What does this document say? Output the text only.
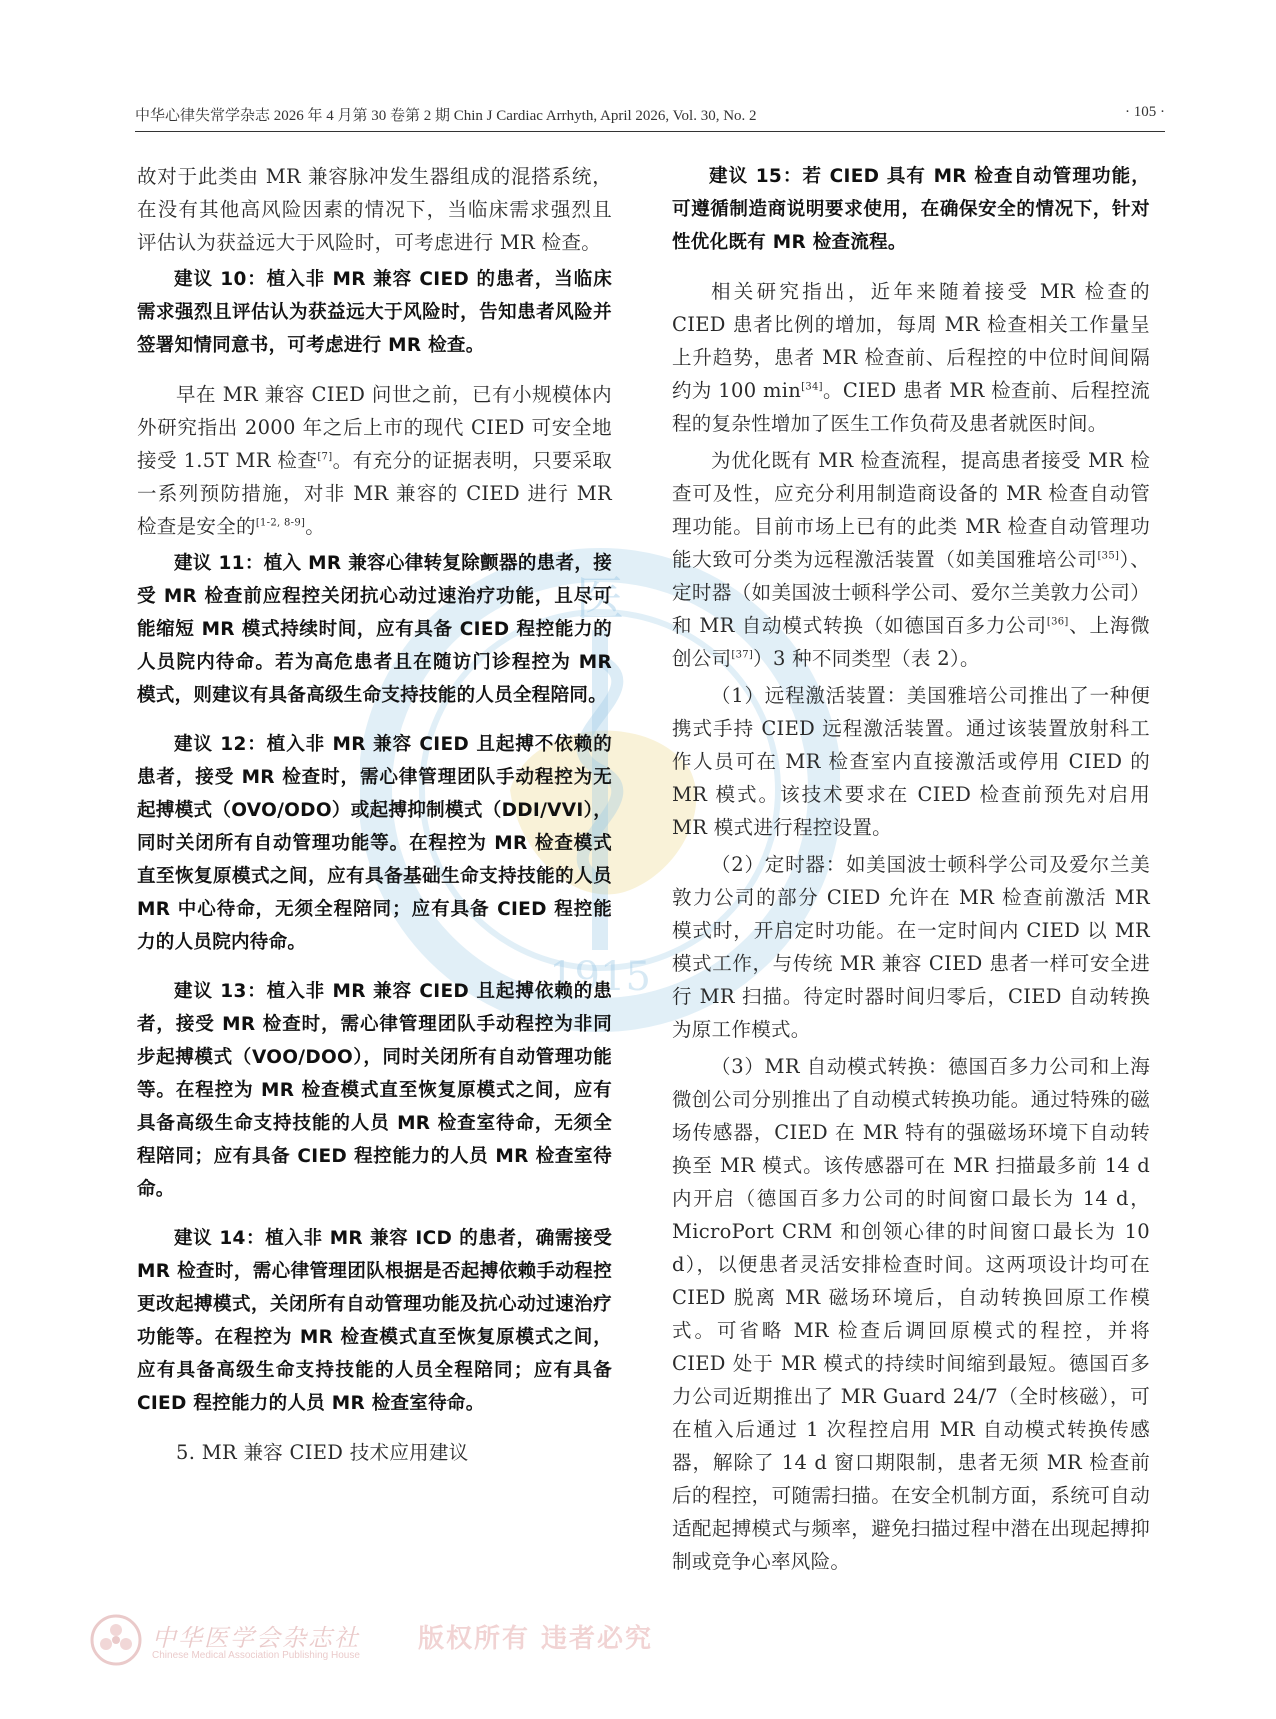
中华心律失常学杂志 2026 年 4 月第 30 卷第 2 期 Chin J Cardiac Arrhyth, April 2026, Vol. 30, No. 2	· 105 ·
医
1915

故对于此类由 MR 兼容脉冲发生器组成的混搭系统，在没有其他高风险因素的情况下，当临床需求强烈且评估认为获益远大于风险时，可考虑进行 MR 检查。

建议 10：植入非 MR 兼容 CIED 的患者，当临床需求强烈且评估认为获益远大于风险时，告知患者风险并签署知情同意书，可考虑进行 MR 检查。

早在 MR 兼容 CIED 问世之前，已有小规模体内外研究指出 2000 年之后上市的现代 CIED 可安全地接受 1.5T MR 检查[7]。有充分的证据表明，只要采取一系列预防措施，对非 MR 兼容的 CIED 进行 MR 检查是安全的[1-2, 8-9]。

建议 11：植入 MR 兼容心律转复除颤器的患者，接受 MR 检查前应程控关闭抗心动过速治疗功能，且尽可能缩短 MR 模式持续时间，应有具备 CIED 程控能力的人员院内待命。若为高危患者且在随访门诊程控为 MR 模式，则建议有具备高级生命支持技能的人员全程陪同。

建议 12：植入非 MR 兼容 CIED 且起搏不依赖的患者，接受 MR 检查时，需心律管理团队手动程控为无起搏模式（OVO/ODO）或起搏抑制模式（DDI/VVI），同时关闭所有自动管理功能等。在程控为 MR 检查模式直至恢复原模式之间，应有具备基础生命支持技能的人员 MR 中心待命，无须全程陪同；应有具备 CIED 程控能力的人员院内待命。

建议 13：植入非 MR 兼容 CIED 且起搏依赖的患者，接受 MR 检查时，需心律管理团队手动程控为非同步起搏模式（VOO/DOO），同时关闭所有自动管理功能等。在程控为 MR 检查模式直至恢复原模式之间，应有具备高级生命支持技能的人员 MR 检查室待命，无须全程陪同；应有具备 CIED 程控能力的人员 MR 检查室待命。

建议 14：植入非 MR 兼容 ICD 的患者，确需接受 MR 检查时，需心律管理团队根据是否起搏依赖手动程控更改起搏模式，关闭所有自动管理功能及抗心动过速治疗功能等。在程控为 MR 检查模式直至恢复原模式之间，应有具备高级生命支持技能的人员全程陪同；应有具备 CIED 程控能力的人员 MR 检查室待命。

5. MR 兼容 CIED 技术应用建议

建议 15：若 CIED 具有 MR 检查自动管理功能，可遵循制造商说明要求使用，在确保安全的情况下，针对性优化既有 MR 检查流程。

相关研究指出，近年来随着接受 MR 检查的 CIED 患者比例的增加，每周 MR 检查相关工作量呈上升趋势，患者 MR 检查前、后程控的中位时间间隔约为 100 min[34]。CIED 患者 MR 检查前、后程控流程的复杂性增加了医生工作负荷及患者就医时间。

为优化既有 MR 检查流程，提高患者接受 MR 检查可及性，应充分利用制造商设备的 MR 检查自动管理功能。目前市场上已有的此类 MR 检查自动管理功能大致可分类为远程激活装置（如美国雅培公司[35]）、定时器（如美国波士顿科学公司、爱尔兰美敦力公司）和 MR 自动模式转换（如德国百多力公司[36]、上海微创公司[37]）3 种不同类型（表 2）。

（1）远程激活装置：美国雅培公司推出了一种便携式手持 CIED 远程激活装置。通过该装置放射科工作人员可在 MR 检查室内直接激活或停用 CIED 的 MR 模式。该技术要求在 CIED 检查前预先对启用 MR 模式进行程控设置。

（2）定时器：如美国波士顿科学公司及爱尔兰美敦力公司的部分 CIED 允许在 MR 检查前激活 MR 模式时，开启定时功能。在一定时间内 CIED 以 MR 模式工作，与传统 MR 兼容 CIED 患者一样可安全进行 MR 扫描。待定时器时间归零后，CIED 自动转换为原工作模式。

（3）MR 自动模式转换：德国百多力公司和上海微创公司分别推出了自动模式转换功能。通过特殊的磁场传感器，CIED 在 MR 特有的强磁场环境下自动转换至 MR 模式。该传感器可在 MR 扫描最多前 14 d 内开启（德国百多力公司的时间窗口最长为 14 d，MicroPort CRM 和创领心律的时间窗口最长为 10 d），以便患者灵活安排检查时间。这两项设计均可在 CIED 脱离 MR 磁场环境后，自动转换回原工作模式。可省略 MR 检查后调回原模式的程控，并将 CIED 处于 MR 模式的持续时间缩到最短。德国百多力公司近期推出了 MR Guard 24/7（全时核磁），可在植入后通过 1 次程控启用 MR 自动模式转换传感器，解除了 14 d 窗口期限制，患者无须 MR 检查前后的程控，可随需扫描。在安全机制方面，系统可自动适配起搏模式与频率，避免扫描过程中潜在出现起搏抑制或竞争心率风险。

中华医学会杂志社
Chinese Medical Association Publishing House
版权所有 违者必究
